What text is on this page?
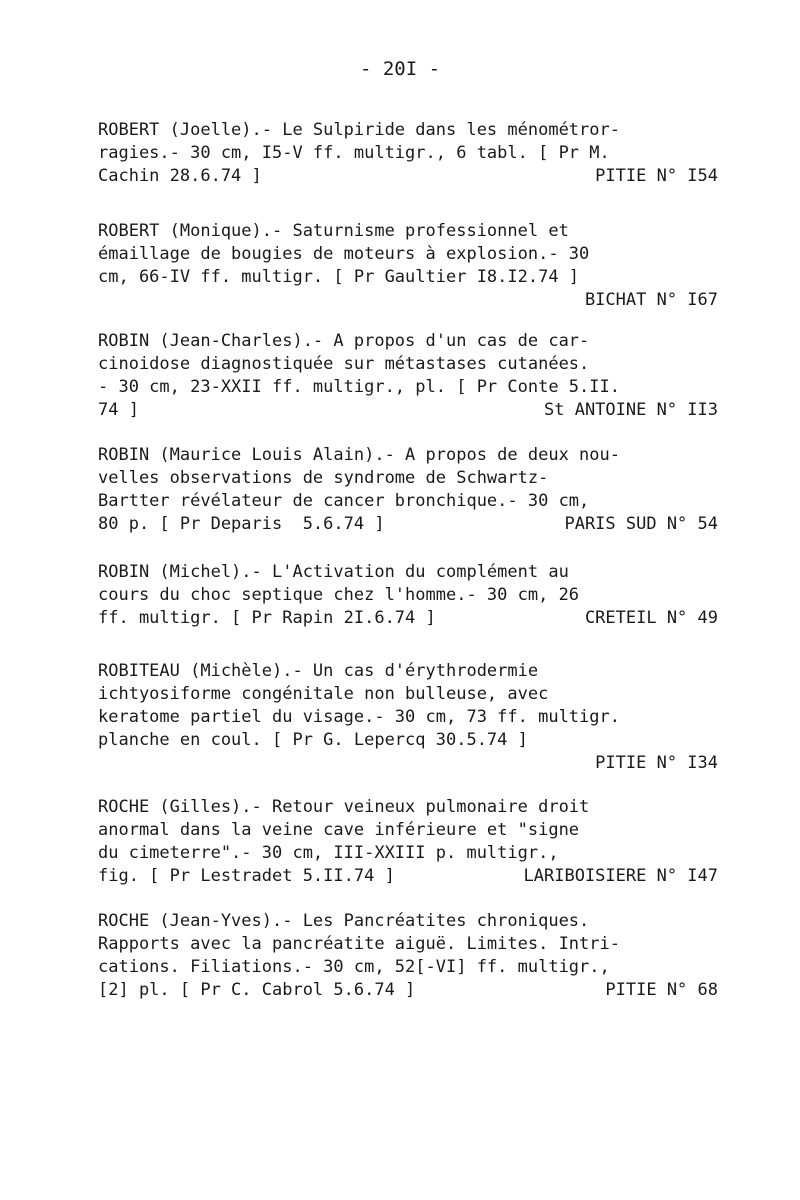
- 20I -
ROBERT (Joelle).- Le Sulpiride dans les ménométror-
ragies.- 30 cm, I5-V ff. multigr., 6 tabl. [ Pr M.
Cachin 28.6.74 ]	PITIE N° I54
ROBERT (Monique).- Saturnisme professionnel et
émaillage de bougies de moteurs à explosion.- 30
cm, 66-IV ff. multigr. [ Pr Gaultier I8.I2.74 ]
BICHAT N° I67
ROBIN (Jean-Charles).- A propos d'un cas de car-
cinoidose diagnostiquée sur métastases cutanées.
- 30 cm, 23-XXII ff. multigr., pl. [ Pr Conte 5.II.
74 ]	St ANTOINE N° II3
ROBIN (Maurice Louis Alain).- A propos de deux nou-
velles observations de syndrome de Schwartz-
Bartter révélateur de cancer bronchique.- 30 cm,
80 p. [ Pr Deparis  5.6.74 ]	PARIS SUD N° 54
ROBIN (Michel).- L'Activation du complément au
cours du choc septique chez l'homme.- 30 cm, 26
ff. multigr. [ Pr Rapin 2I.6.74 ]	CRETEIL N° 49
ROBITEAU (Michèle).- Un cas d'érythrodermie
ichtyosiforme congénitale non bulleuse, avec
keratome partiel du visage.- 30 cm, 73 ff. multigr.
planche en coul. [ Pr G. Lepercq 30.5.74 ]
PITIE N° I34
ROCHE (Gilles).- Retour veineux pulmonaire droit
anormal dans la veine cave inférieure et "signe
du cimeterre".- 30 cm, III-XXIII p. multigr.,
fig. [ Pr Lestradet 5.II.74 ]	LARIBOISIERE N° I47
ROCHE (Jean-Yves).- Les Pancréatites chroniques.
Rapports avec la pancréatite aiguë. Limites. Intri-
cations. Filiations.- 30 cm, 52[-VI] ff. multigr.,
[2] pl. [ Pr C. Cabrol 5.6.74 ]	PITIE N° 68
